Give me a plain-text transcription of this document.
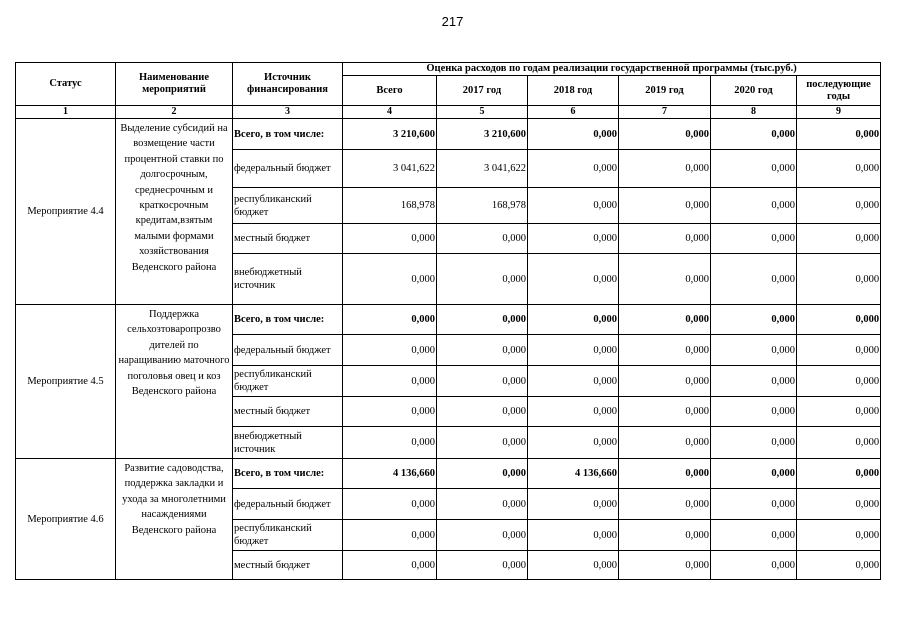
217
Статус	Наименование мероприятий	Источник финансирования	Оценка расходов по годам реализации государственной программы (тыс.руб.)					
			Всего	2017 год	2018 год	2019 год	2020 год	последующие годы
1	2	3	4	5	6	7	8	9
Мероприятие 4.4	Выделение субсидий на возмещение части процентной ставки по долгосрочным, среднесрочным и краткосрочным кредитам,взятым малыми формами хозяйствования Веденского района	Всего, в том числе:	3 210,600	3 210,600	0,000	0,000	0,000	0,000
		федеральный бюджет	3 041,622	3 041,622	0,000	0,000	0,000	0,000
		республиканский бюджет	168,978	168,978	0,000	0,000	0,000	0,000
		местный бюджет	0,000	0,000	0,000	0,000	0,000	0,000
		внебюджетный источник	0,000	0,000	0,000	0,000	0,000	0,000
Мероприятие 4.5	Поддержка сельхозтоваропрозво дителей по наращиванию маточного поголовья овец и коз Веденского района	Всего, в том числе:	0,000	0,000	0,000	0,000	0,000	0,000
		федеральный бюджет	0,000	0,000	0,000	0,000	0,000	0,000
		республиканский бюджет	0,000	0,000	0,000	0,000	0,000	0,000
		местный бюджет	0,000	0,000	0,000	0,000	0,000	0,000
		внебюджетный источник	0,000	0,000	0,000	0,000	0,000	0,000
Мероприятие 4.6	Развитие садоводства, поддержка закладки и ухода за многолетними насаждениями Веденского района	Всего, в том числе:	4 136,660	0,000	4 136,660	0,000	0,000	0,000
		федеральный бюджет	0,000	0,000	0,000	0,000	0,000	0,000
		республиканский бюджет	0,000	0,000	0,000	0,000	0,000	0,000
		местный бюджет	0,000	0,000	0,000	0,000	0,000	0,000
